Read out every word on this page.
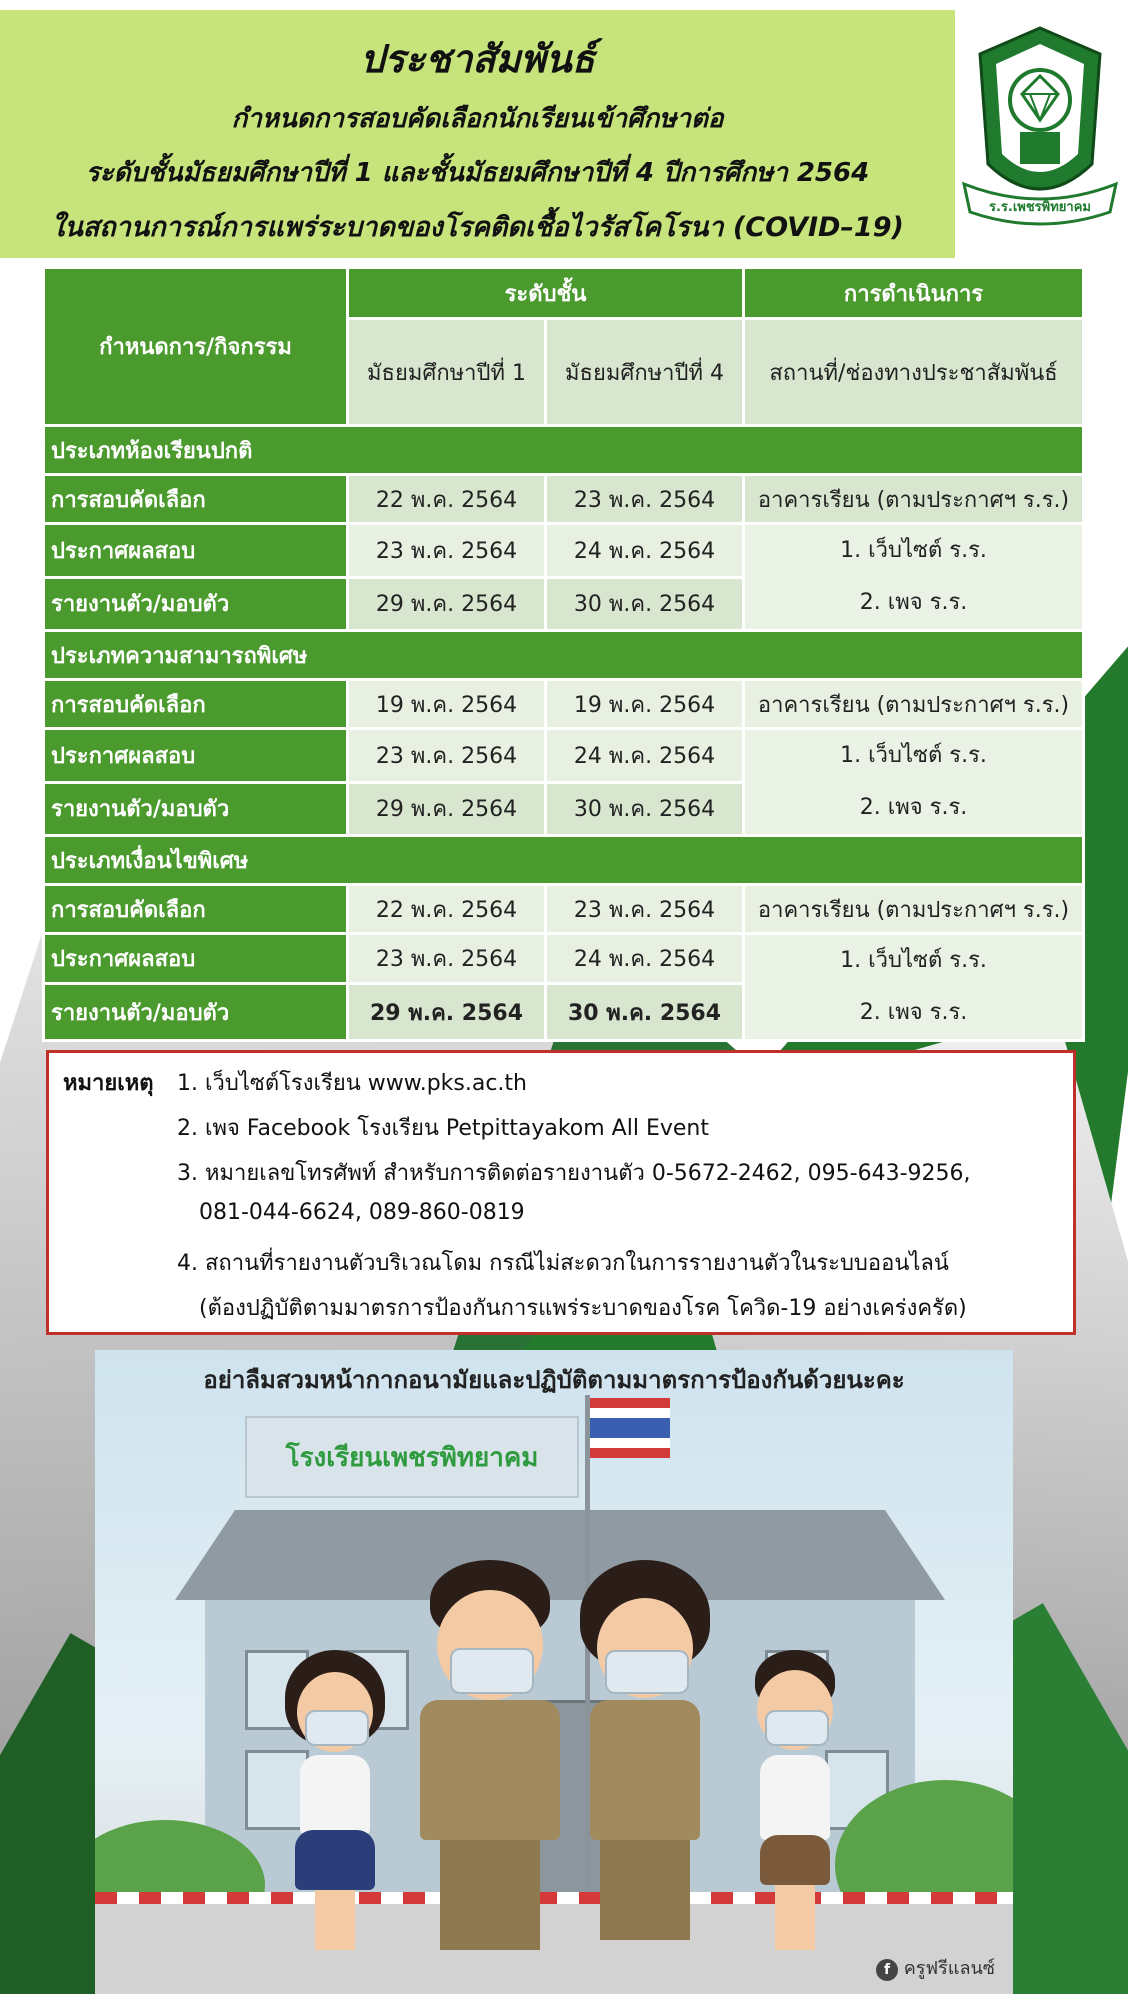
ประชาสัมพันธ์
กำหนดการสอบคัดเลือกนักเรียนเข้าศึกษาต่อ
ระดับชั้นมัธยมศึกษาปีที่ 1 และชั้นมัธยมศึกษาปีที่ 4 ปีการศึกษา 2564
ในสถานการณ์การแพร่ระบาดของโรคติดเชื้อไวรัสโคโรนา (COVID–19)
ร.ร.เพชรพิทยาคม
กำหนดการ/กิจกรรม	ระดับชั้น		การดำเนินการ
	มัธยมศึกษาปีที่ 1	มัธยมศึกษาปีที่ 4	สถานที่/ช่องทางประชาสัมพันธ์
ประเภทห้องเรียนปกติ			
การสอบคัดเลือก	22 พ.ค. 2564	23 พ.ค. 2564	อาคารเรียน (ตามประกาศฯ ร.ร.)
ประกาศผลสอบ	23 พ.ค. 2564	24 พ.ค. 2564	1. เว็บไซต์ ร.ร.
2. เพจ ร.ร.

รายงานตัว/มอบตัว	29 พ.ค. 2564	30 พ.ค. 2564	
ประเภทความสามารถพิเศษ			
การสอบคัดเลือก	19 พ.ค. 2564	19 พ.ค. 2564	อาคารเรียน (ตามประกาศฯ ร.ร.)
ประกาศผลสอบ	23 พ.ค. 2564	24 พ.ค. 2564	1. เว็บไซต์ ร.ร.
2. เพจ ร.ร.

รายงานตัว/มอบตัว	29 พ.ค. 2564	30 พ.ค. 2564	
ประเภทเงื่อนไขพิเศษ			
การสอบคัดเลือก	22 พ.ค. 2564	23 พ.ค. 2564	อาคารเรียน (ตามประกาศฯ ร.ร.)
ประกาศผลสอบ	23 พ.ค. 2564	24 พ.ค. 2564	1. เว็บไซต์ ร.ร.
2. เพจ ร.ร.

รายงานตัว/มอบตัว	29 พ.ค. 2564	30 พ.ค. 2564	
หมายเหตุ 1. เว็บไซต์โรงเรียน www.pks.ac.th
2. เพจ Facebook โรงเรียน Petpittayakom All Event
3. หมายเลขโทรศัพท์ สำหรับการติดต่อรายงานตัว 0-5672-2462, 095-643-9256,
081-044-6624, 089-860-0819
4. สถานที่รายงานตัวบริเวณโดม กรณีไม่สะดวกในการรายงานตัวในระบบออนไลน์
(ต้องปฏิบัติตามมาตรการป้องกันการแพร่ระบาดของโรค โควิด-19 อย่างเคร่งครัด)
อย่าลืมสวมหน้ากากอนามัยและปฏิบัติตามมาตรการป้องกันด้วยนะคะ
โรงเรียนเพชรพิทยาคม
f ครูฟรีแลนซ์
